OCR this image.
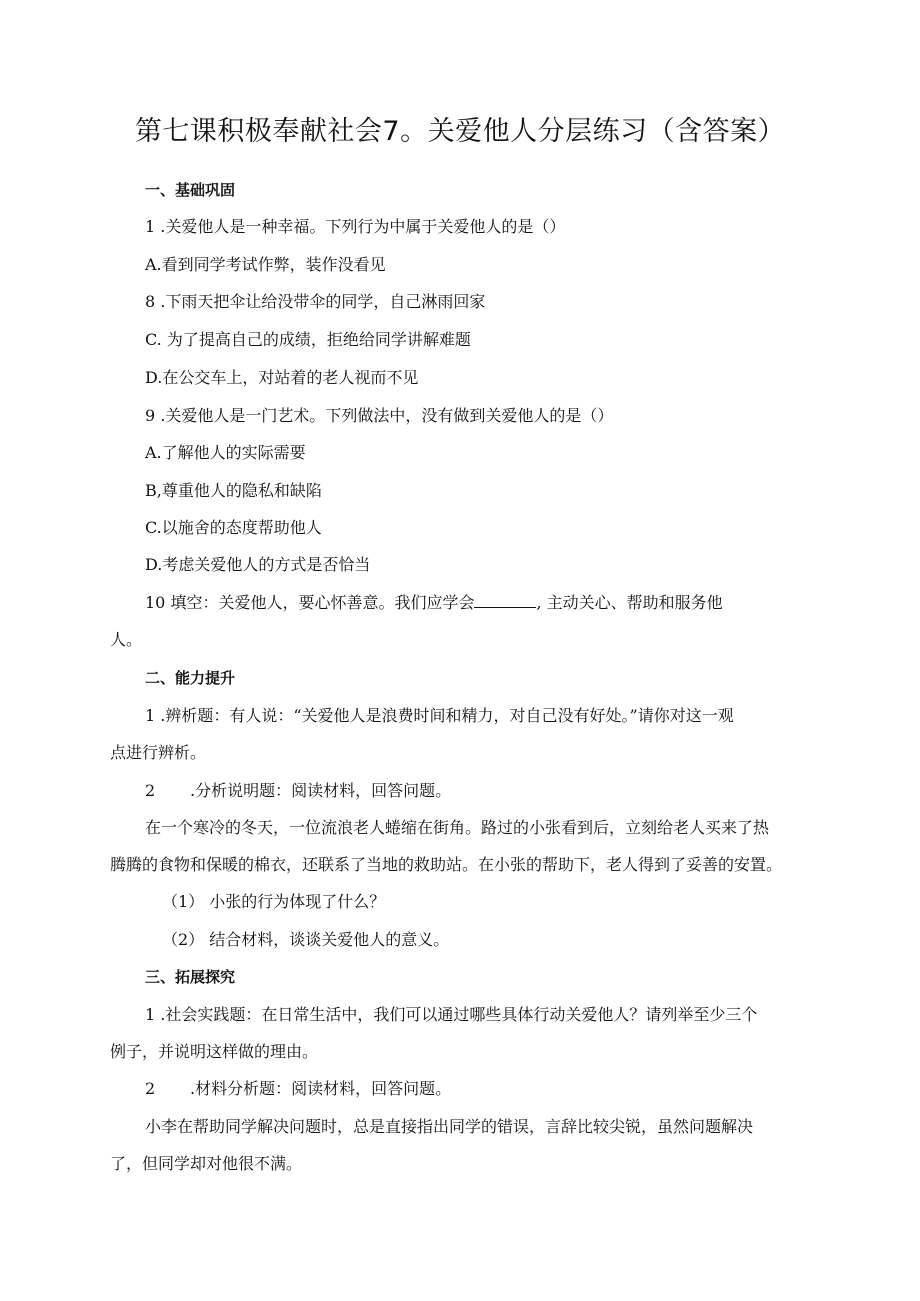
第七课积极奉献社会7。关爱他人分层练习（含答案）
一、基础巩固
1 .关爱他人是一种幸福。下列行为中属于关爱他人的是（）
A.看到同学考试作弊，装作没看见
8 .下雨天把伞让给没带伞的同学，自己淋雨回家
C. 为了提高自己的成绩，拒绝给同学讲解难题
D.在公交车上，对站着的老人视而不见
9 .关爱他人是一门艺术。下列做法中，没有做到关爱他人的是（）
A.了解他人的实际需要
B,尊重他人的隐私和缺陷
C.以施舍的态度帮助他人
D.考虑关爱他人的方式是否恰当
10 填空：关爱他人，要心怀善意。我们应学会	, 主动关心、帮助和服务他
人。
二、能力提升
1 .辨析题：有人说：“关爱他人是浪费时间和精力，对自己没有好处。”请你对这一观
点进行辨析。
2 .分析说明题：阅读材料，回答问题。
在一个寒冷的冬天，一位流浪老人蜷缩在街角。路过的小张看到后，立刻给老人买来了热
腾腾的食物和保暖的棉衣，还联系了当地的救助站。在小张的帮助下，老人得到了妥善的安置。
（1） 小张的行为体现了什么？
（2） 结合材料，谈谈关爱他人的意义。
三、拓展探究
1 .社会实践题：在日常生活中，我们可以通过哪些具体行动关爱他人？请列举至少三个
例子，并说明这样做的理由。
2 .材料分析题：阅读材料，回答问题。
小李在帮助同学解决问题时，总是直接指出同学的错误，言辞比较尖锐，虽然问题解决
了，但同学却对他很不满。
